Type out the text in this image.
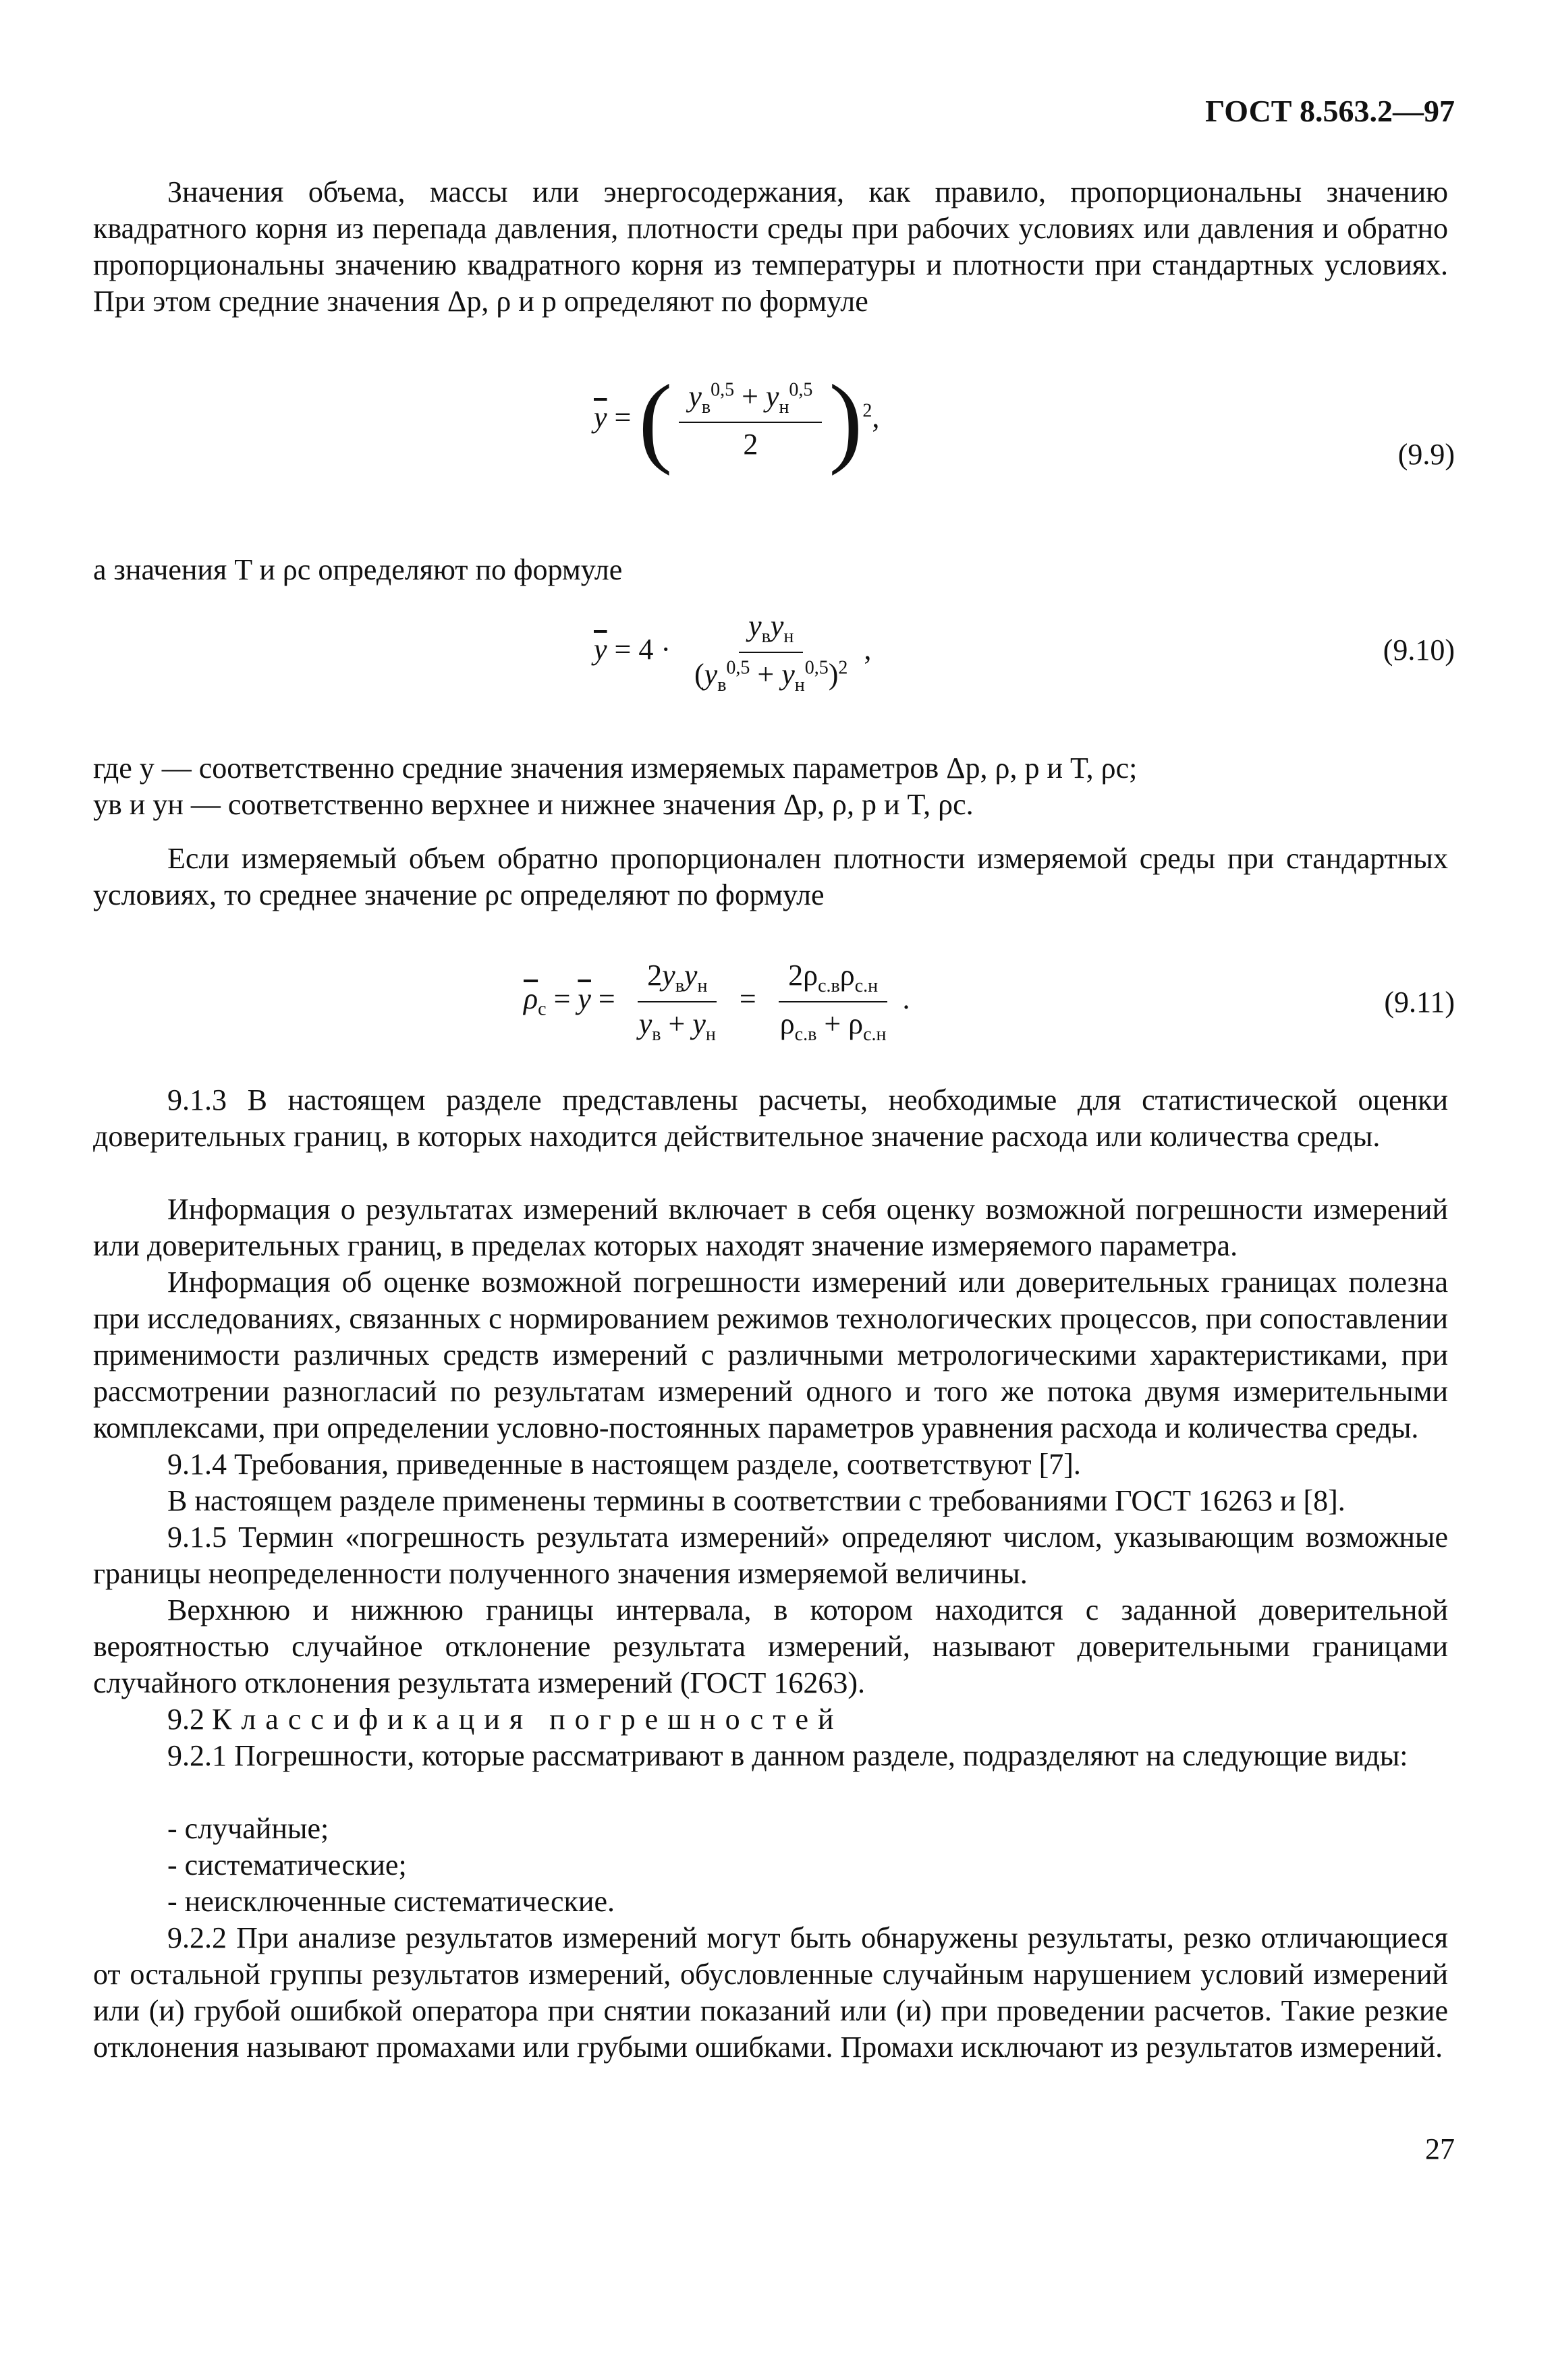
ГОСТ 8.563.2—97
Значения объема, массы или энергосодержания, как правило, пропорциональны значению квадратного корня из перепада давления, плотности среды при рабочих условиях или давления и обратно пропорциональны значению квадратного корня из температуры и плотности при стандартных условиях. При этом средние значения Δp, ρ и p определяют по формуле
$\overline{y}$ = ( $\frac{y_в^{0,5} + y_н^{0,5}}{2} )^2$,
(9.9)
а значения T и ρc определяют по формуле
$\overline{y} = 4 \cdot \frac{y_вy_н}{(y_в^{0,5} + y_н^{0,5})^2}$ ,	(9.10)
где y — соответственно средние значения измеряемых параметров Δp, ρ, p и T, ρc;
yв и yн — соответственно верхнее и нижнее значения Δp, ρ, p и T, ρc.
Если измеряемый объем обратно пропорционален плотности измеряемой среды при стандартных условиях, то среднее значение ρc определяют по формуле
$\overline{\rho}_c = \overline{y} = \frac{2y_вy_н}{y_в + y_н} = \frac{2\rho_{с.в}\rho_{с.н}}{\rho_{с.в} + \rho_{с.н}}$ .	(9.11)
9.1.3 В настоящем разделе представлены расчеты, необходимые для статистической оценки доверительных границ, в которых находится действительное значение расхода или количества среды.
Информация о результатах измерений включает в себя оценку возможной погрешности измерений или доверительных границ, в пределах которых находят значение измеряемого параметра.
Информация об оценке возможной погрешности измерений или доверительных границах полезна при исследованиях, связанных с нормированием режимов технологических процессов, при сопоставлении применимости различных средств измерений с различными метрологическими характеристиками, при рассмотрении разногласий по результатам измерений одного и того же потока двумя измерительными комплексами, при определении условно-постоянных параметров уравнения расхода и количества среды.
9.1.4 Требования, приведенные в настоящем разделе, соответствуют [7].
В настоящем разделе применены термины в соответствии с требованиями ГОСТ 16263 и [8].
9.1.5 Термин «погрешность результата измерений» определяют числом, указывающим возможные границы неопределенности полученного значения измеряемой величины.
Верхнюю и нижнюю границы интервала, в котором находится с заданной доверительной вероятностью случайное отклонение результата измерений, называют доверительными границами случайного отклонения результата измерений (ГОСТ 16263).
9.2 Классификация погрешностей
9.2.1 Погрешности, которые рассматривают в данном разделе, подразделяют на следующие виды:
- случайные;
- систематические;
- неисключенные систематические.
9.2.2 При анализе результатов измерений могут быть обнаружены результаты, резко отличающиеся от остальной группы результатов измерений, обусловленные случайным нарушением условий измерений или (и) грубой ошибкой оператора при снятии показаний или (и) при проведении расчетов. Такие резкие отклонения называют промахами или грубыми ошибками. Промахи исключают из результатов измерений.
27
